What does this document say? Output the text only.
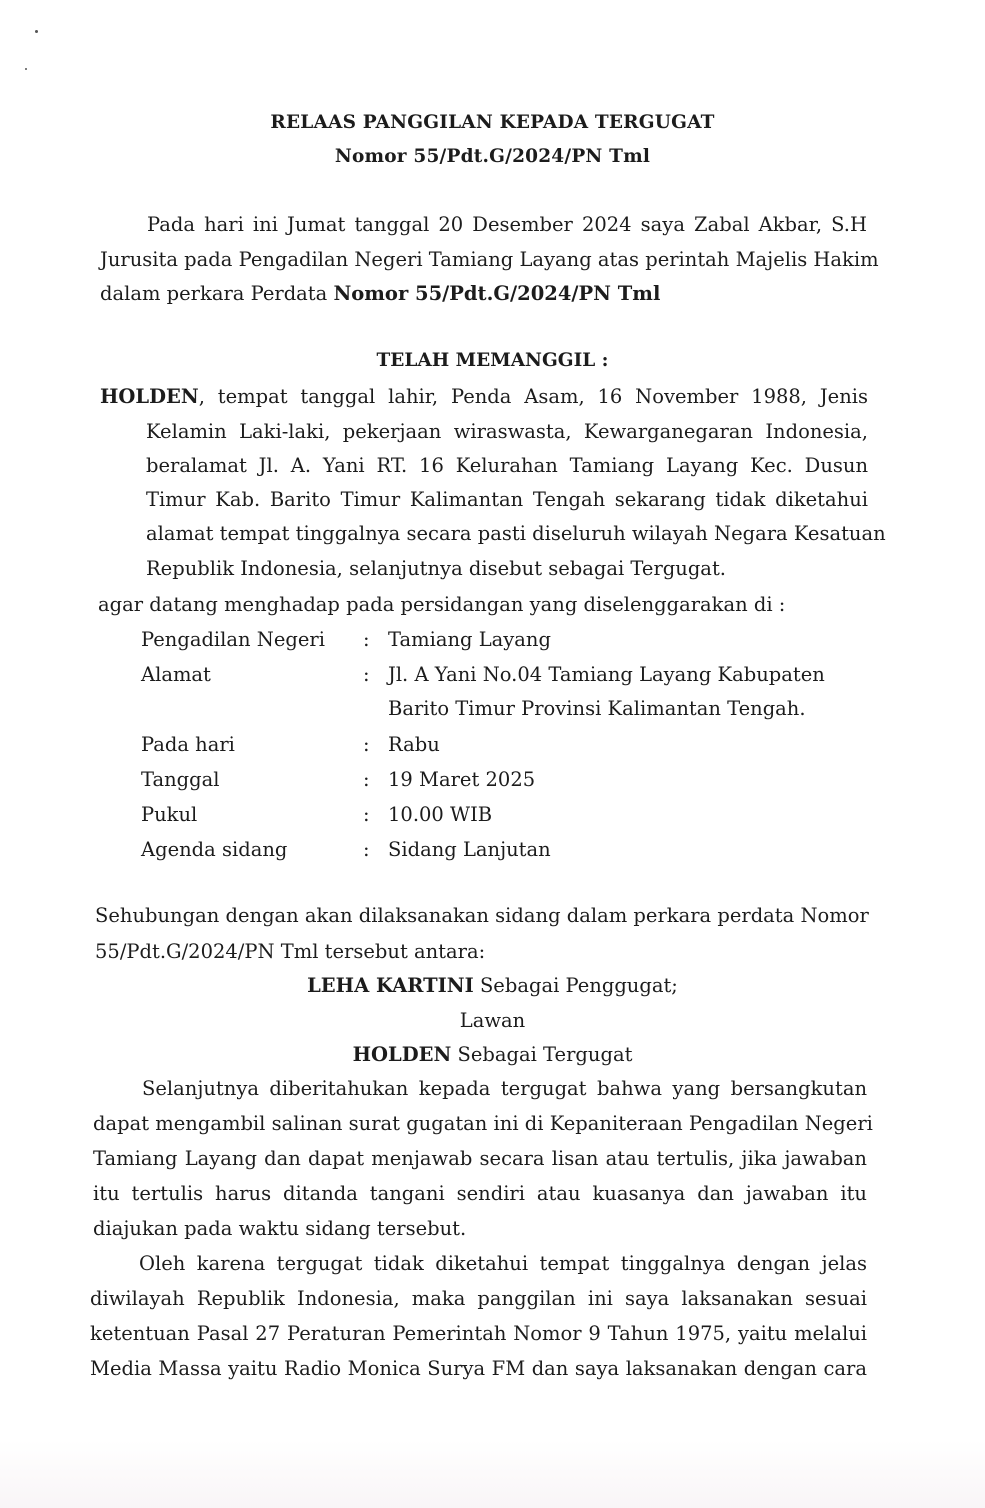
RELAAS PANGGILAN KEPADA TERGUGAT
Nomor 55/Pdt.G/2024/PN Tml
Pada hari ini Jumat tanggal 20 Desember 2024 saya Zabal Akbar, S.H
Jurusita pada Pengadilan Negeri Tamiang Layang atas perintah Majelis Hakim
dalam perkara Perdata Nomor 55/Pdt.G/2024/PN Tml
TELAH MEMANGGIL :
HOLDEN, tempat tanggal lahir, Penda Asam, 16 November 1988, Jenis
Kelamin Laki-laki, pekerjaan wiraswasta, Kewarganegaran Indonesia,
beralamat Jl. A. Yani RT. 16 Kelurahan Tamiang Layang Kec. Dusun
Timur Kab. Barito Timur Kalimantan Tengah sekarang tidak diketahui
alamat tempat tinggalnya secara pasti diseluruh wilayah Negara Kesatuan
Republik Indonesia, selanjutnya disebut sebagai Tergugat.
agar datang menghadap pada persidangan yang diselenggarakan di :
Pengadilan Negeri : Tamiang Layang
Alamat	: Jl. A Yani No.04 Tamiang Layang Kabupaten
Barito Timur Provinsi Kalimantan Tengah.
Pada hari	: Rabu
Tanggal	: 19 Maret 2025
Pukul	: 10.00 WIB
Agenda sidang	: Sidang Lanjutan
Sehubungan dengan akan dilaksanakan sidang dalam perkara perdata Nomor
55/Pdt.G/2024/PN Tml tersebut antara:
LEHA KARTINI Sebagai Penggugat;
Lawan
HOLDEN Sebagai Tergugat
Selanjutnya diberitahukan kepada tergugat bahwa yang bersangkutan
dapat mengambil salinan surat gugatan ini di Kepaniteraan Pengadilan Negeri
Tamiang Layang dan dapat menjawab secara lisan atau tertulis, jika jawaban
itu tertulis harus ditanda tangani sendiri atau kuasanya dan jawaban itu
diajukan pada waktu sidang tersebut.
Oleh karena tergugat tidak diketahui tempat tinggalnya dengan jelas
diwilayah Republik Indonesia, maka panggilan ini saya laksanakan sesuai
ketentuan Pasal 27 Peraturan Pemerintah Nomor 9 Tahun 1975, yaitu melalui
Media Massa yaitu Radio Monica Surya FM dan saya laksanakan dengan cara
